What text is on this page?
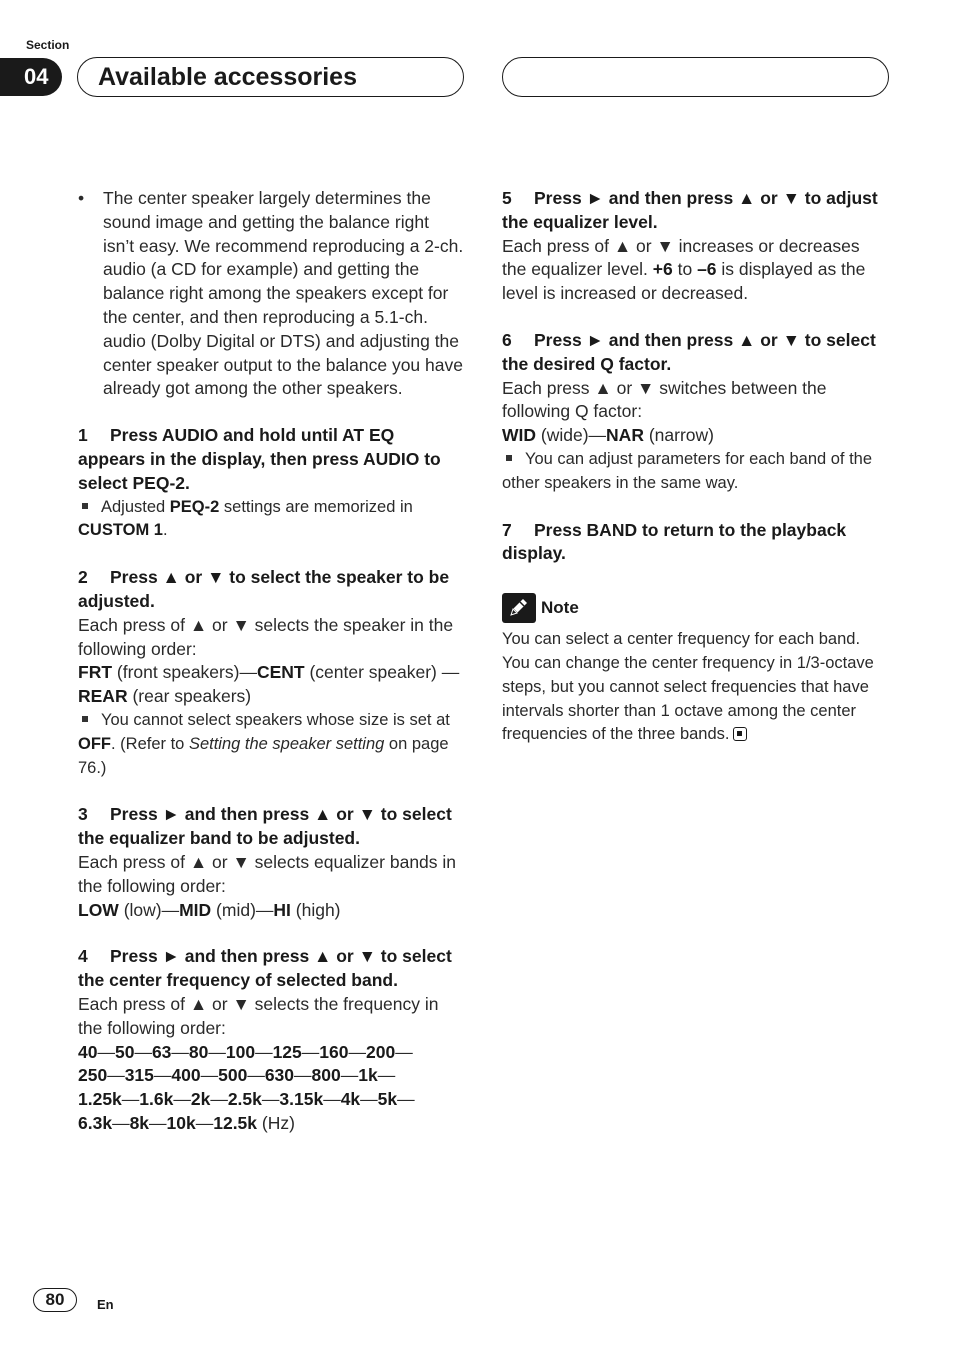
Section
04	Available accessories
• The center speaker largely determines the sound image and getting the balance right isn’t easy. We recommend reproducing a 2-ch. audio (a CD for example) and getting the balance right among the speakers except for the center, and then reproducing a 5.1-ch. audio (Dolby Digital or DTS) and adjusting the center speaker output to the balance you have already got among the other speakers.
1 Press AUDIO and hold until AT EQ appears in the display, then press AUDIO to select PEQ-2.
Adjusted PEQ-2 settings are memorized in CUSTOM 1.
2 Press ▲ or ▼ to select the speaker to be adjusted.
Each press of ▲ or ▼ selects the speaker in the following order:
FRT (front speakers)—CENT (center speaker) —REAR (rear speakers)
You cannot select speakers whose size is set at OFF. (Refer to Setting the speaker setting on page 76.)
3 Press ► and then press ▲ or ▼ to select the equalizer band to be adjusted.
Each press of ▲ or ▼ selects equalizer bands in the following order:
LOW (low)—MID (mid)—HI (high)
4 Press ► and then press ▲ or ▼ to select the center frequency of selected band.
Each press of ▲ or ▼ selects the frequency in the following order:
40—50—63—80—100—125—160—200—
250—315—400—500—630—800—1k—
1.25k—1.6k—2k—2.5k—3.15k—4k—5k—
6.3k—8k—10k—12.5k (Hz)
5 Press ► and then press ▲ or ▼ to adjust the equalizer level.
Each press of ▲ or ▼ increases or decreases the equalizer level. +6 to –6 is displayed as the level is increased or decreased.
6 Press ► and then press ▲ or ▼ to select the desired Q factor.
Each press ▲ or ▼ switches between the following Q factor:
WID (wide)—NAR (narrow)
You can adjust parameters for each band of the other speakers in the same way.
7 Press BAND to return to the playback display.
Note
You can select a center frequency for each band. You can change the center frequency in 1/3-octave steps, but you cannot select frequencies that have intervals shorter than 1 octave among the center frequencies of the three bands.
80	En
